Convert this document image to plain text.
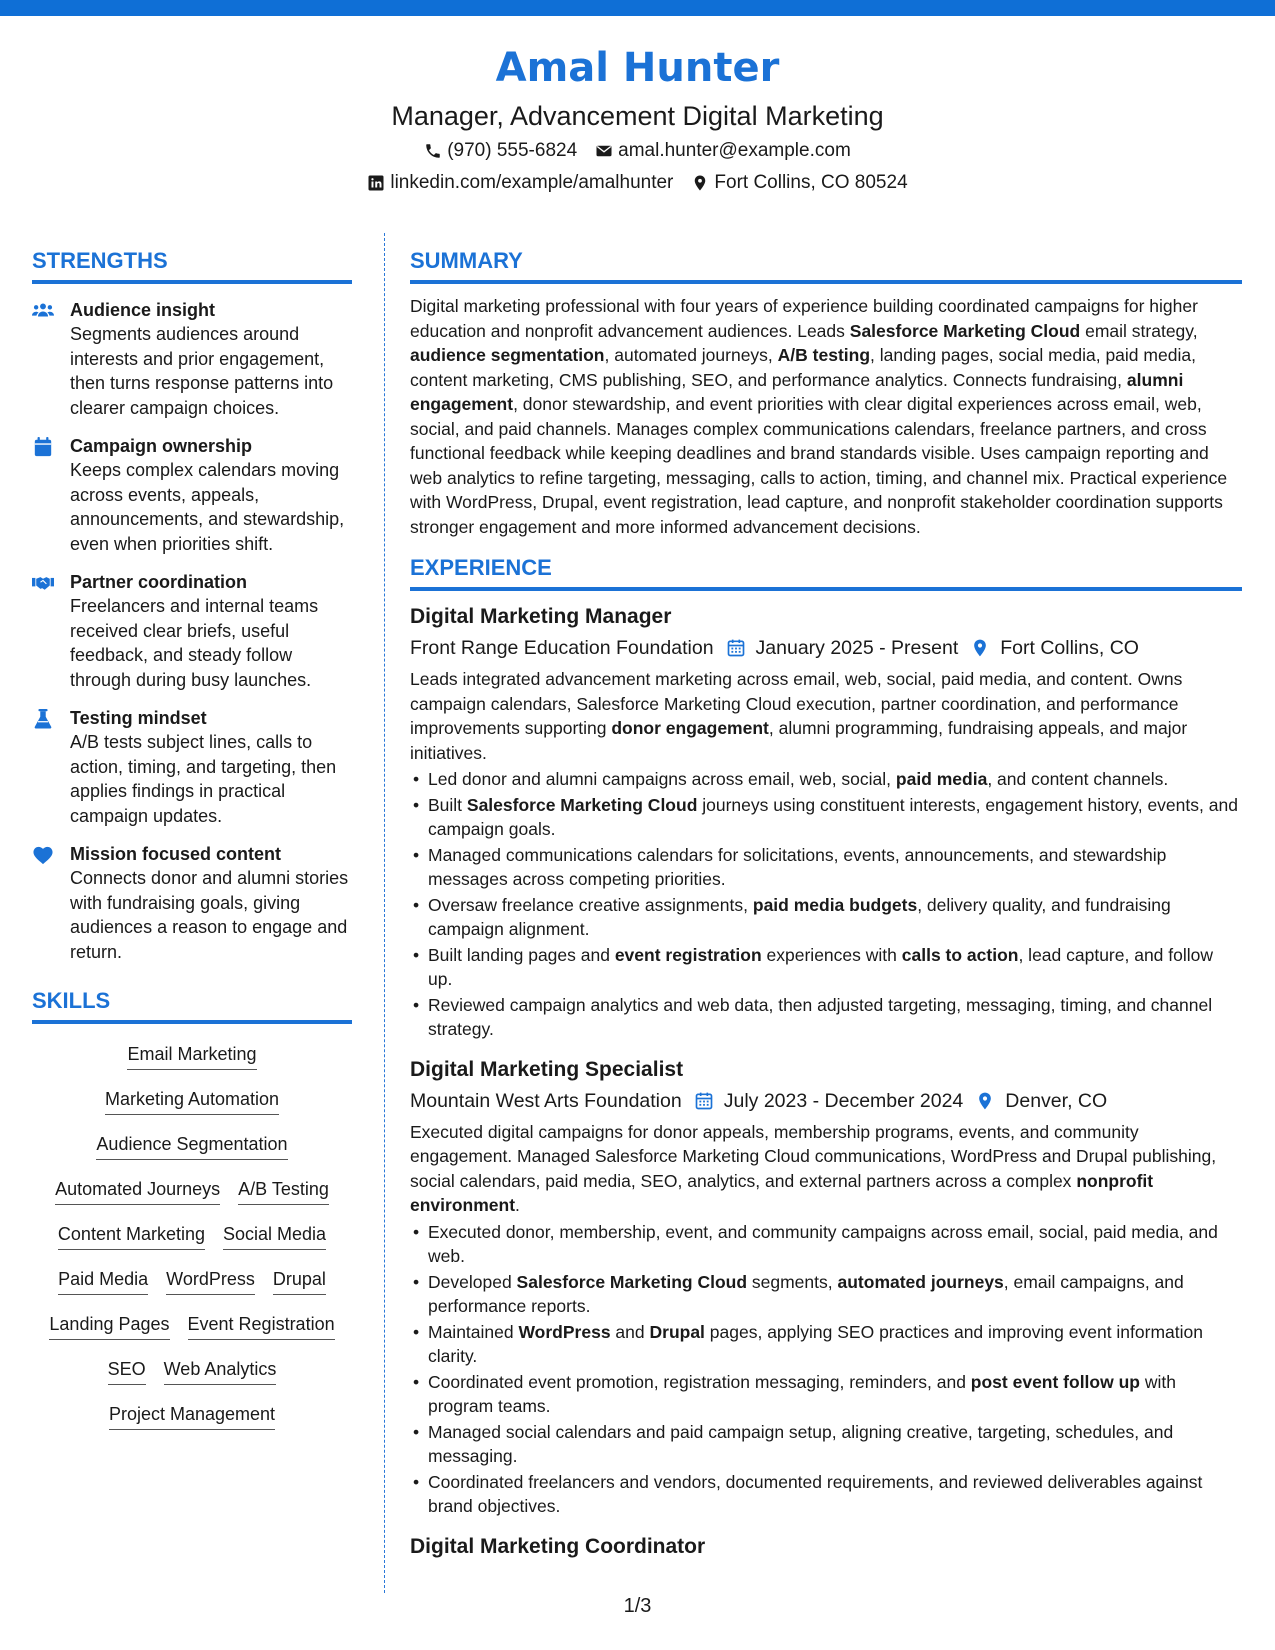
Amal Hunter
Manager, Advancement Digital Marketing
(970) 555-6824 amal.hunter@example.com
linkedin.com/example/amalhunter Fort Collins, CO 80524
STRENGTHS
Audience insight
Segments audiences around interests and prior engagement, then turns response patterns into clearer campaign choices.
Campaign ownership
Keeps complex calendars moving across events, appeals, announcements, and stewardship, even when priorities shift.
Partner coordination
Freelancers and internal teams received clear briefs, useful feedback, and steady follow through during busy launches.
Testing mindset
A/B tests subject lines, calls to action, timing, and targeting, then applies findings in practical campaign updates.
Mission focused content
Connects donor and alumni stories with fundraising goals, giving audiences a reason to engage and return.
SKILLS
Email Marketing
Marketing Automation
Audience Segmentation
Automated Journeys A/B Testing
Content Marketing Social Media
Paid Media WordPress Drupal
Landing Pages Event Registration
SEO Web Analytics
Project Management
SUMMARY
Digital marketing professional with four years of experience building coordinated campaigns for higher education and nonprofit advancement audiences. Leads Salesforce Marketing Cloud email strategy, audience segmentation, automated journeys, A/B testing, landing pages, social media, paid media, content marketing, CMS publishing, SEO, and performance analytics. Connects fundraising, alumni engagement, donor stewardship, and event priorities with clear digital experiences across email, web, social, and paid channels. Manages complex communications calendars, freelance partners, and cross functional feedback while keeping deadlines and brand standards visible. Uses campaign reporting and web analytics to refine targeting, messaging, calls to action, timing, and channel mix. Practical experience with WordPress, Drupal, event registration, lead capture, and nonprofit stakeholder coordination supports stronger engagement and more informed advancement decisions.
EXPERIENCE
Digital Marketing Manager
Front Range Education Foundation January 2025 - Present Fort Collins, CO
Leads integrated advancement marketing across email, web, social, paid media, and content. Owns campaign calendars, Salesforce Marketing Cloud execution, partner coordination, and performance improvements supporting donor engagement, alumni programming, fundraising appeals, and major initiatives.
• Led donor and alumni campaigns across email, web, social, paid media, and content channels.
• Built Salesforce Marketing Cloud journeys using constituent interests, engagement history, events, and campaign goals.
• Managed communications calendars for solicitations, events, announcements, and stewardship messages across competing priorities.
• Oversaw freelance creative assignments, paid media budgets, delivery quality, and fundraising campaign alignment.
• Built landing pages and event registration experiences with calls to action, lead capture, and follow up.
• Reviewed campaign analytics and web data, then adjusted targeting, messaging, timing, and channel strategy.
Digital Marketing Specialist
Mountain West Arts Foundation July 2023 - December 2024 Denver, CO
Executed digital campaigns for donor appeals, membership programs, events, and community engagement. Managed Salesforce Marketing Cloud communications, WordPress and Drupal publishing, social calendars, paid media, SEO, analytics, and external partners across a complex nonprofit environment.
• Executed donor, membership, event, and community campaigns across email, social, paid media, and web.
• Developed Salesforce Marketing Cloud segments, automated journeys, email campaigns, and performance reports.
• Maintained WordPress and Drupal pages, applying SEO practices and improving event information clarity.
• Coordinated event promotion, registration messaging, reminders, and post event follow up with program teams.
• Managed social calendars and paid campaign setup, aligning creative, targeting, schedules, and messaging.
• Coordinated freelancers and vendors, documented requirements, and reviewed deliverables against brand objectives.
Digital Marketing Coordinator
1/3
